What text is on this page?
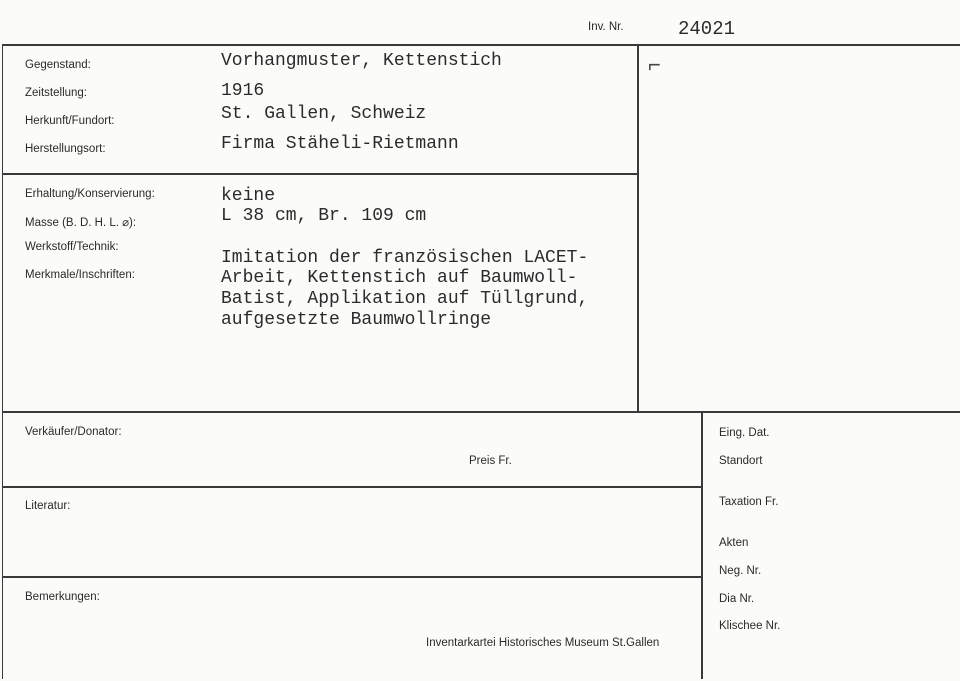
Inv. Nr.	24021
Gegenstand:
Zeitstellung:
Herkunft/Fundort:
Herstellungsort:
Vorhangmuster, Kettenstich
1916
St. Gallen, Schweiz
Firma Stäheli-Rietmann
Erhaltung/Konservierung:
Masse (B. D. H. L. ⌀):
Werkstoff/Technik:
Merkmale/Inschriften:
keine
L 38 cm, Br. 109 cm
Imitation der französischen LACET-
Arbeit, Kettenstich auf Baumwoll-
Batist, Applikation auf Tüllgrund,
aufgesetzte Baumwollringe
⌐
Verkäufer/Donator:
Preis Fr.
Literatur:
Bemerkungen:
Inventarkartei Historisches Museum St.Gallen
Eing. Dat.
Standort
Taxation Fr.
Akten
Neg. Nr.
Dia Nr.
Klischee Nr.
